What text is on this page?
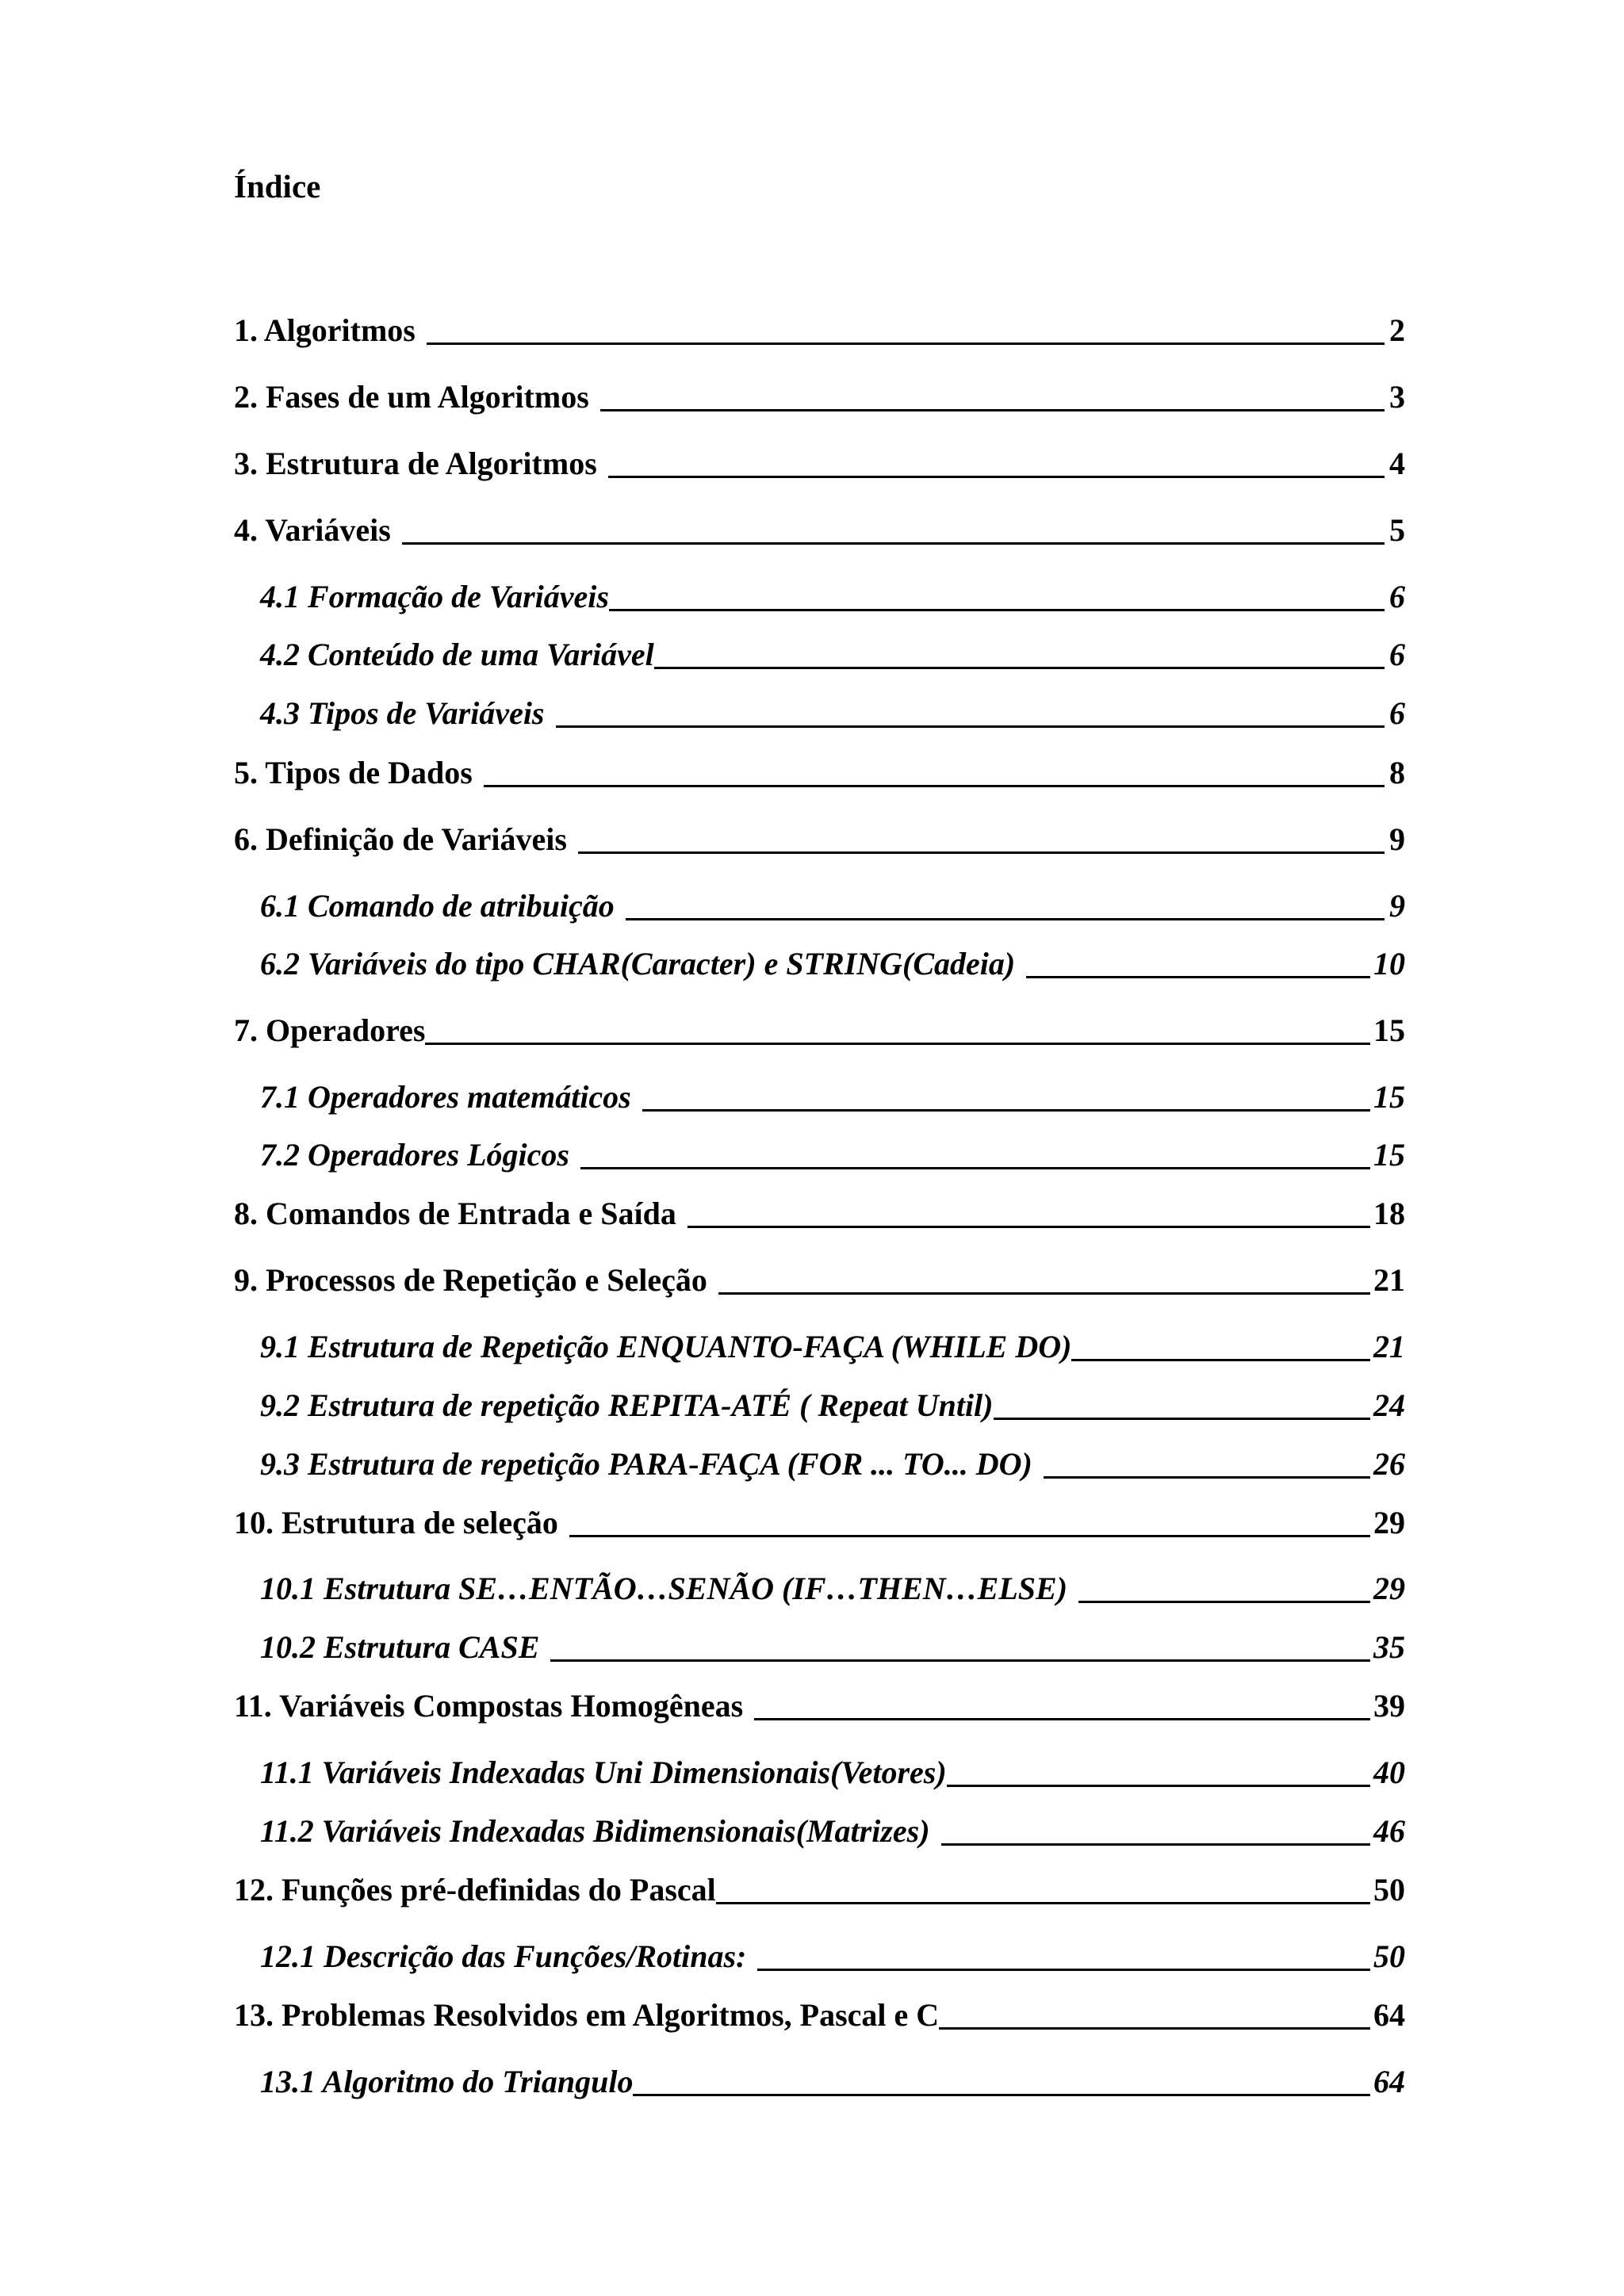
Índice
1. Algoritmos	2
2. Fases de um Algoritmos	3
3. Estrutura de Algoritmos	4
4. Variáveis	5
4.1 Formação de Variáveis	6
4.2 Conteúdo de uma Variável	6
4.3 Tipos de Variáveis	6
5. Tipos de Dados	8
6. Definição de Variáveis	9
6.1 Comando de atribuição	9
6.2 Variáveis do tipo CHAR(Caracter) e STRING(Cadeia)	10
7. Operadores	15
7.1 Operadores matemáticos	15
7.2 Operadores Lógicos	15
8. Comandos de Entrada e Saída	18
9. Processos de Repetição e Seleção	21
9.1 Estrutura de Repetição ENQUANTO-FAÇA (WHILE DO)	21
9.2 Estrutura de repetição REPITA-ATÉ ( Repeat Until)	24
9.3 Estrutura de repetição PARA-FAÇA (FOR ... TO... DO)	26
10. Estrutura de seleção	29
10.1 Estrutura SE…ENTÃO…SENÃO (IF…THEN…ELSE)	29
10.2 Estrutura CASE	35
11. Variáveis Compostas Homogêneas	39
11.1 Variáveis Indexadas Uni Dimensionais(Vetores)	40
11.2 Variáveis Indexadas Bidimensionais(Matrizes)	46
12. Funções pré-definidas do Pascal	50
12.1 Descrição das Funções/Rotinas:	50
13. Problemas Resolvidos em Algoritmos, Pascal e C	64
13.1 Algoritmo do Triangulo	64
